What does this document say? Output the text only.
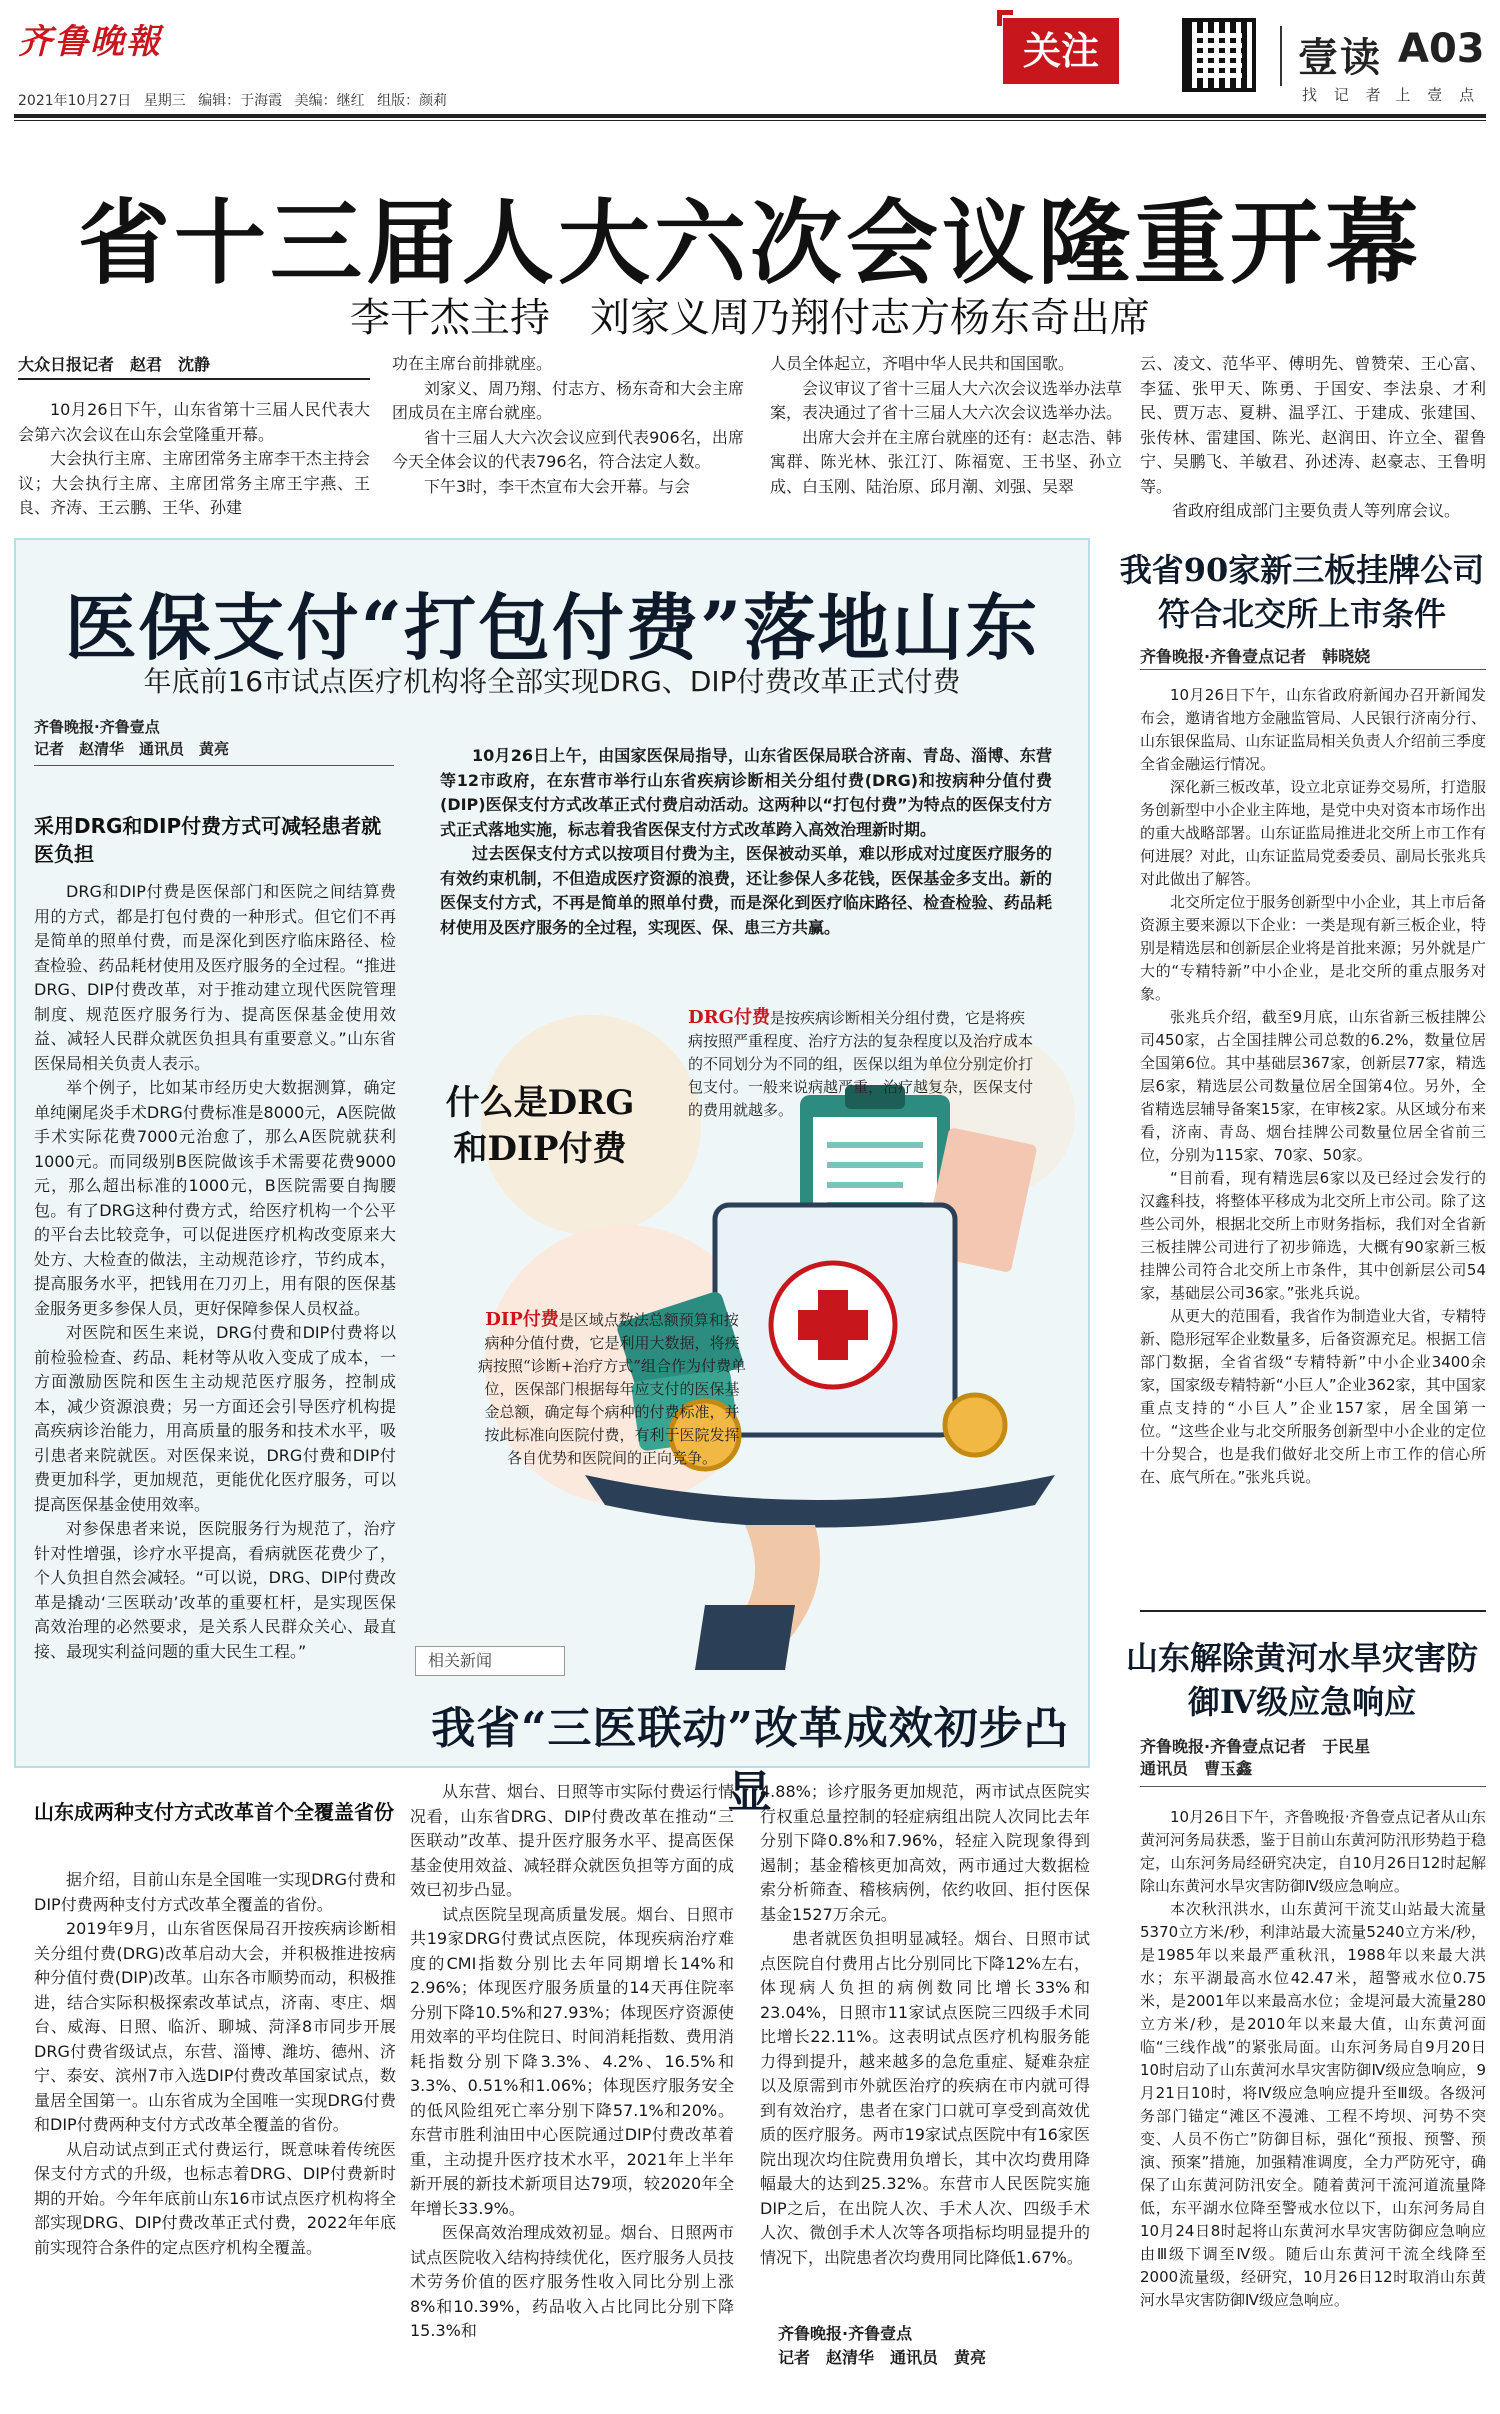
齐鲁晚報
2021年10月27日 星期三 编辑：于海霞 美编：继红 组版：颜莉
关注	壹读 A03
找 记 者　上 壹 点
省十三届人大六次会议隆重开幕
李干杰主持　刘家义周乃翔付志方杨东奇出席
大众日报记者　赵君　沈静

10月26日下午，山东省第十三届人民代表大会第六次会议在山东会堂隆重开幕。

大会执行主席、主席团常务主席李干杰主持会议；大会执行主席、主席团常务主席王宇燕、王良、齐涛、王云鹏、王华、孙建

功在主席台前排就座。

刘家义、周乃翔、付志方、杨东奇和大会主席团成员在主席台就座。

省十三届人大六次会议应到代表906名，出席今天全体会议的代表796名，符合法定人数。

下午3时，李干杰宣布大会开幕。与会

人员全体起立，齐唱中华人民共和国国歌。

会议审议了省十三届人大六次会议选举办法草案，表决通过了省十三届人大六次会议选举办法。

出席大会并在主席台就座的还有：赵志浩、韩寓群、陈光林、张江汀、陈福宽、王书坚、孙立成、白玉刚、陆治原、邱月潮、刘强、吴翠

云、凌文、范华平、傅明先、曾赞荣、王心富、李猛、张甲天、陈勇、于国安、李法泉、才利民、贾万志、夏耕、温孚江、于建成、张建国、张传林、雷建国、陈光、赵润田、许立全、翟鲁宁、吴鹏飞、羊敏君、孙述涛、赵豪志、王鲁明等。

省政府组成部门主要负责人等列席会议。

医保支付“打包付费”落地山东
年底前16市试点医疗机构将全部实现DRG、DIP付费改革正式付费
齐鲁晚报·齐鲁壹点
记者　赵清华　通讯员　黄亮
采用DRG和DIP付费方式可减轻患者就医负担

DRG和DIP付费是医保部门和医院之间结算费用的方式，都是打包付费的一种形式。但它们不再是简单的照单付费，而是深化到医疗临床路径、检查检验、药品耗材使用及医疗服务的全过程。“推进DRG、DIP付费改革，对于推动建立现代医院管理制度、规范医疗服务行为、提高医保基金使用效益、减轻人民群众就医负担具有重要意义。”山东省医保局相关负责人表示。

举个例子，比如某市经历史大数据测算，确定单纯阑尾炎手术DRG付费标准是8000元，A医院做手术实际花费7000元治愈了，那么A医院就获利1000元。而同级别B医院做该手术需要花费9000元，那么超出标准的1000元，B医院需要自掏腰包。有了DRG这种付费方式，给医疗机构一个公平的平台去比较竞争，可以促进医疗机构改变原来大处方、大检查的做法，主动规范诊疗，节约成本，提高服务水平，把钱用在刀刃上，用有限的医保基金服务更多参保人员，更好保障参保人员权益。

对医院和医生来说，DRG付费和DIP付费将以前检验检查、药品、耗材等从收入变成了成本，一方面激励医院和医生主动规范医疗服务，控制成本，减少资源浪费；另一方面还会引导医疗机构提高疾病诊治能力，用高质量的服务和技术水平，吸引患者来院就医。对医保来说，DRG付费和DIP付费更加科学，更加规范，更能优化医疗服务，可以提高医保基金使用效率。

对参保患者来说，医院服务行为规范了，治疗针对性增强，诊疗水平提高，看病就医花费少了，个人负担自然会减轻。“可以说，DRG、DIP付费改革是撬动‘三医联动’改革的重要杠杆，是实现医保高效治理的必然要求，是关系人民群众关心、最直接、最现实利益问题的重大民生工程。”

10月26日上午，由国家医保局指导，山东省医保局联合济南、青岛、淄博、东营等12市政府，在东营市举行山东省疾病诊断相关分组付费(DRG)和按病种分值付费(DIP)医保支付方式改革正式付费启动活动。这两种以“打包付费”为特点的医保支付方式正式落地实施，标志着我省医保支付方式改革跨入高效治理新时期。

过去医保支付方式以按项目付费为主，医保被动买单，难以形成对过度医疗服务的有效约束机制，不但造成医疗资源的浪费，还让参保人多花钱，医保基金多支出。新的医保支付方式，不再是简单的照单付费，而是深化到医疗临床路径、检查检验、药品耗材使用及医疗服务的全过程，实现医、保、患三方共赢。

什么是DRG和DIP付费
DRG付费是按疾病诊断相关分组付费，它是将疾病按照严重程度、治疗方法的复杂程度以及治疗成本的不同划分为不同的组，医保以组为单位分别定价打包支付。一般来说病越严重，治疗越复杂，医保支付的费用就越多。
DIP付费是区域点数法总额预算和按病种分值付费，它是利用大数据，将疾病按照“诊断+治疗方式”组合作为付费单位，医保部门根据每年应支付的医保基金总额，确定每个病种的付费标准，并按此标准向医院付费，有利于医院发挥各自优势和医院间的正向竞争。
相关新闻
我省“三医联动”改革成效初步凸显
山东成两种支付方式改革首个全覆盖省份

据介绍，目前山东是全国唯一实现DRG付费和DIP付费两种支付方式改革全覆盖的省份。

2019年9月，山东省医保局召开按疾病诊断相关分组付费(DRG)改革启动大会，并积极推进按病种分值付费(DIP)改革。山东各市顺势而动，积极推进，结合实际积极探索改革试点，济南、枣庄、烟台、威海、日照、临沂、聊城、菏泽8市同步开展DRG付费省级试点，东营、淄博、潍坊、德州、济宁、泰安、滨州7市入选DIP付费改革国家试点，数量居全国第一。山东省成为全国唯一实现DRG付费和DIP付费两种支付方式改革全覆盖的省份。

从启动试点到正式付费运行，既意味着传统医保支付方式的升级，也标志着DRG、DIP付费新时期的开始。今年年底前山东16市试点医疗机构将全部实现DRG、DIP付费改革正式付费，2022年年底前实现符合条件的定点医疗机构全覆盖。

从东营、烟台、日照等市实际付费运行情况看，山东省DRG、DIP付费改革在推动“三医联动”改革、提升医疗服务水平、提高医保基金使用效益、减轻群众就医负担等方面的成效已初步凸显。

试点医院呈现高质量发展。烟台、日照市共19家DRG付费试点医院，体现疾病治疗难度的CMI指数分别比去年同期增长14%和2.96%；体现医疗服务质量的14天再住院率分别下降10.5%和27.93%；体现医疗资源使用效率的平均住院日、时间消耗指数、费用消耗指数分别下降3.3%、4.2%、16.5%和3.3%、0.51%和1.06%；体现医疗服务安全的低风险组死亡率分别下降57.1%和20%。东营市胜利油田中心医院通过DIP付费改革着重，主动提升医疗技术水平，2021年上半年新开展的新技术新项目达79项，较2020年全年增长33.9%。

医保高效治理成效初显。烟台、日照两市试点医院收入结构持续优化，医疗服务人员技术劳务价值的医疗服务性收入同比分别上涨8%和10.39%，药品收入占比同比分别下降15.3%和

4.88%；诊疗服务更加规范，两市试点医院实行权重总量控制的轻症病组出院人次同比去年分别下降0.8%和7.96%，轻症入院现象得到遏制；基金稽核更加高效，两市通过大数据检索分析筛查、稽核病例，依约收回、拒付医保基金1527万余元。

患者就医负担明显减轻。烟台、日照市试点医院自付费用占比分别同比下降12%左右，体现病人负担的病例数同比增长33%和23.04%，日照市11家试点医院三四级手术同比增长22.11%。这表明试点医疗机构服务能力得到提升，越来越多的急危重症、疑难杂症以及原需到市外就医治疗的疾病在市内就可得到有效治疗，患者在家门口就可享受到高效优质的医疗服务。两市19家试点医院中有16家医院出现次均住院费用负增长，其中次均费用降幅最大的达到25.32%。东营市人民医院实施DIP之后，在出院人次、手术人次、四级手术人次、微创手术人次等各项指标均明显提升的情况下，出院患者次均费用同比降低1.67%。

齐鲁晚报·齐鲁壹点
记者　赵清华　通讯员　黄亮
我省90家新三板挂牌公司符合北交所上市条件
齐鲁晚报·齐鲁壹点记者　韩晓娆

10月26日下午，山东省政府新闻办召开新闻发布会，邀请省地方金融监管局、人民银行济南分行、山东银保监局、山东证监局相关负责人介绍前三季度全省金融运行情况。

深化新三板改革，设立北京证券交易所，打造服务创新型中小企业主阵地，是党中央对资本市场作出的重大战略部署。山东证监局推进北交所上市工作有何进展？对此，山东证监局党委委员、副局长张兆兵对此做出了解答。

北交所定位于服务创新型中小企业，其上市后备资源主要来源以下企业：一类是现有新三板企业，特别是精选层和创新层企业将是首批来源；另外就是广大的“专精特新”中小企业，是北交所的重点服务对象。

张兆兵介绍，截至9月底，山东省新三板挂牌公司450家，占全国挂牌公司总数的6.2%，数量位居全国第6位。其中基础层367家，创新层77家，精选层6家，精选层公司数量位居全国第4位。另外，全省精选层辅导备案15家，在审核2家。从区域分布来看，济南、青岛、烟台挂牌公司数量位居全省前三位，分别为115家、70家、50家。

“目前看，现有精选层6家以及已经过会发行的汉鑫科技，将整体平移成为北交所上市公司。除了这些公司外，根据北交所上市财务指标，我们对全省新三板挂牌公司进行了初步筛选，大概有90家新三板挂牌公司符合北交所上市条件，其中创新层公司54家，基础层公司36家。”张兆兵说。

从更大的范围看，我省作为制造业大省，专精特新、隐形冠军企业数量多，后备资源充足。根据工信部门数据，全省省级“专精特新”中小企业3400余家，国家级专精特新“小巨人”企业362家，其中国家重点支持的“小巨人”企业157家，居全国第一位。“这些企业与北交所服务创新型中小企业的定位十分契合，也是我们做好北交所上市工作的信心所在、底气所在。”张兆兵说。

山东解除黄河水旱灾害防御Ⅳ级应急响应
齐鲁晚报·齐鲁壹点记者　于民星
通讯员　曹玉鑫

10月26日下午，齐鲁晚报·齐鲁壹点记者从山东黄河河务局获悉，鉴于目前山东黄河防汛形势趋于稳定，山东河务局经研究决定，自10月26日12时起解除山东黄河水旱灾害防御Ⅳ级应急响应。

本次秋汛洪水，山东黄河干流艾山站最大流量5370立方米/秒，利津站最大流量5240立方米/秒，是1985年以来最严重秋汛，1988年以来最大洪水；东平湖最高水位42.47米，超警戒水位0.75米，是2001年以来最高水位；金堤河最大流量280立方米/秒，是2010年以来最大值，山东黄河面临“三线作战”的紧张局面。山东河务局自9月20日10时启动了山东黄河水旱灾害防御Ⅳ级应急响应，9月21日10时，将Ⅳ级应急响应提升至Ⅲ级。各级河务部门锚定“滩区不漫滩、工程不垮坝、河势不突变、人员不伤亡”防御目标，强化“预报、预警、预演、预案”措施，加强精准调度，全力严防死守，确保了山东黄河防汛安全。随着黄河干流河道流量降低，东平湖水位降至警戒水位以下，山东河务局自10月24日8时起将山东黄河水旱灾害防御应急响应由Ⅲ级下调至Ⅳ级。随后山东黄河干流全线降至2000流量级，经研究，10月26日12时取消山东黄河水旱灾害防御Ⅳ级应急响应。
